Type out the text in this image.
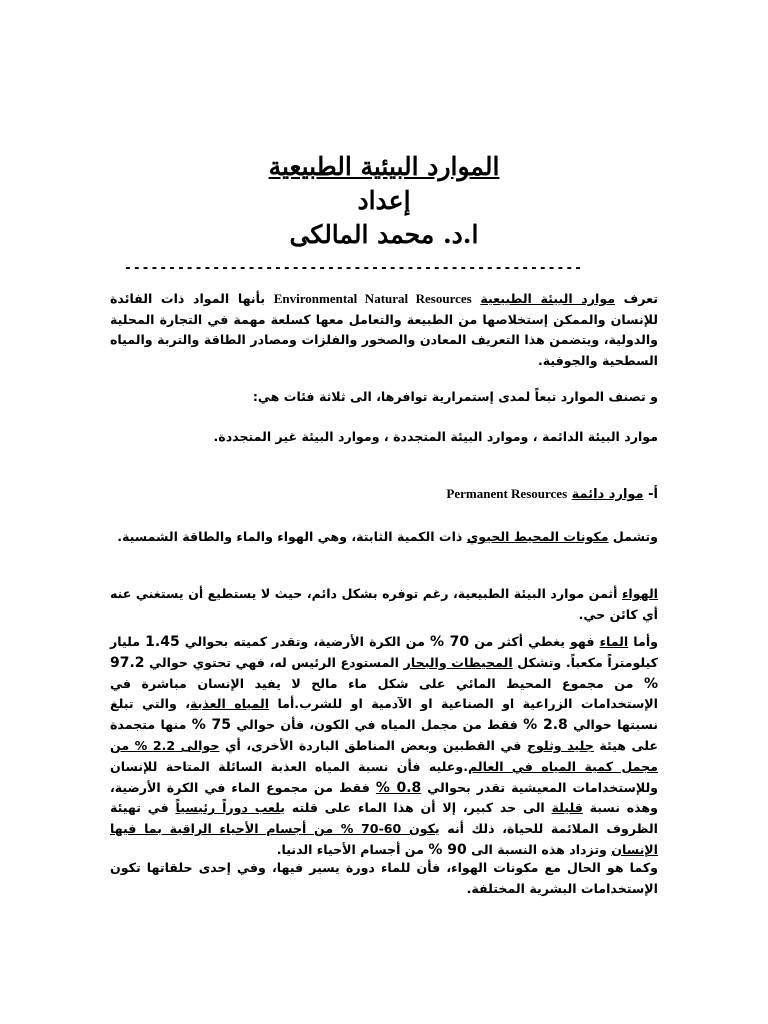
الموارد البيئية الطبيعية
إعداد
ا.د. محمد المالكى
----------------------------------------------------
تعرف موارد البيئة الطبيعية Environmental Natural Resources بأنها المواد ذات الفائدة للإنسان والممكن إستخلاصها من الطبيعة والتعامل معها كسلعة مهمة في التجارة المحلية والدولية، ويتضمن هذا التعريف المعادن والصخور والفلزات ومصادر الطاقة والتربة والمياه السطحية والجوفية.
و تصنف الموارد تبعاً لمدى إستمرارية توافرها، الى ثلاثة فئات هي:
موارد البيئة الدائمة ، وموارد البيئة المتجددة ، وموارد البيئة غير المتجددة.
أ- موارد دائمة Permanent Resources
وتشمل مكونات المحيط الحيوي ذات الكمية الثابتة، وهي الهواء والماء والطاقة الشمسية.
الهواء أثمن موارد البيئة الطبيعية، رغم توفره بشكل دائم، حيث لا يستطيع أن يستغني عنه أي كائن حي.
وأما الماء فهو يغطي أكثر من 70 % من الكرة الأرضية، وتقدر كميته بحوالي 1.45 مليار كيلومتراً مكعباً. وتشكل المحيطات والبحار المستودع الرئيس له، فهي تحتوي حوالي 97.2 % من مجموع المحيط المائي على شكل ماء مالح لا يفيد الإنسان مباشرة في الإستخدامات الزراعية او الصناعية او الآدمية او للشرب.أما المياه العذبة، والتي تبلغ نسبتها حوالي 2.8 % فقط من مجمل المياه في الكون، فأن حوالي 75 % منها متجمدة على هيئة جليد وثلوج في القطبين وبعض المناطق الباردة الأخرى، أي حوالى 2.2 % من مجمل كمية المياه في العالم.وعليه فأن نسبة المياه العذبة السائلة المتاحة للإنسان وللإستخدامات المعيشية تقدر بحوالي 0.8 % فقط من مجموع الماء في الكرة الأرضية، وهذه نسبة قليلة الى حد كبير، إلا أن هذا الماء على قلته يلعب دوراً رئيسياً في تهيئة الظروف الملائمة للحياة، ذلك أنه يكون 60-70 % من أجسام الأحياء الراقية بما فيها الإنسان وتزداد هذه النسبة الى 90 % من أجسام الأحياء الدنيا.
وكما هو الحال مع مكونات الهواء، فأن للماء دورة يسير فيها، وفي إحدى حلقاتها تكون الإستخدامات البشرية المختلفة.
